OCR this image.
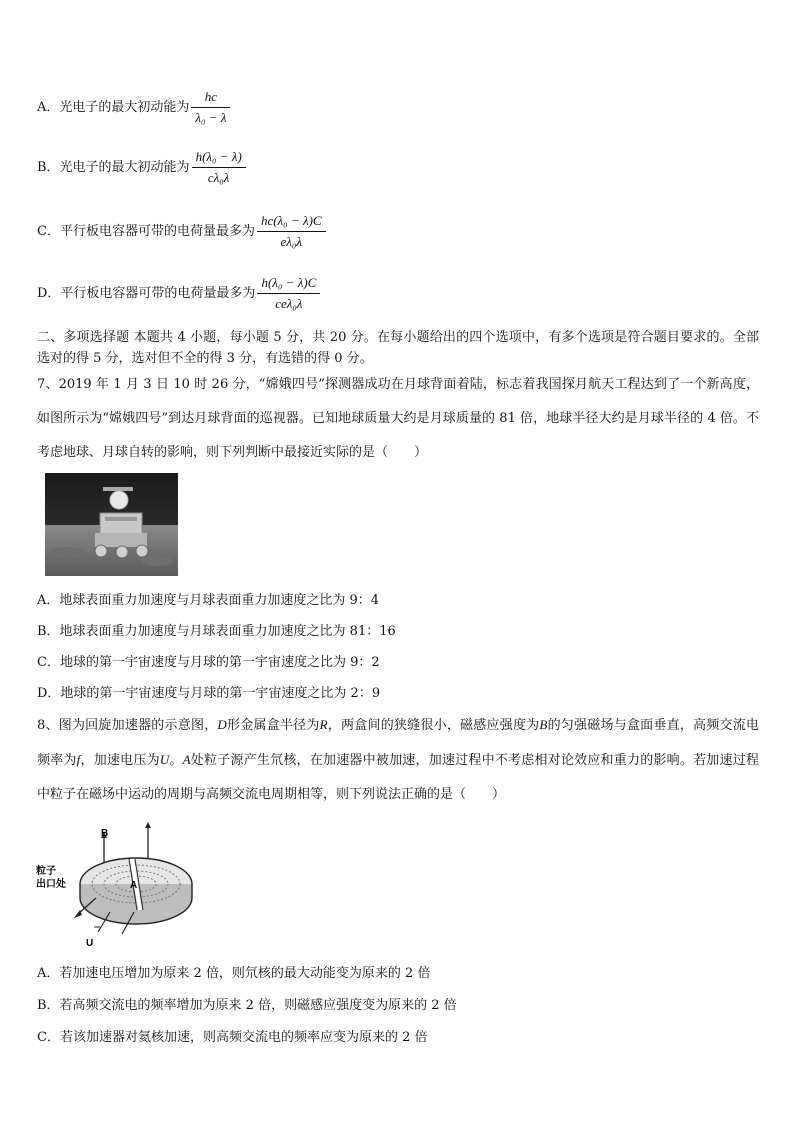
A．光电子的最大初动能为 $\frac{hc}{\text{λ₀ − λ}}$
B．光电子的最大初动能为 $\frac{\text{h(λ₀ − λ)}}{\text{cλ₀λ}}$
C．平行板电容器可带的电荷量最多为 $\frac{\text{hc(λ₀ − λ)C}}{\text{eλ₀λ}}$
D．平行板电容器可带的电荷量最多为 $\frac{\text{h(λ₀ − λ)C}}{\text{ceλ₀λ}}$
二、多项选择题 本题共 4 小题，每小题 5 分，共 20 分。在每小题给出的四个选项中，有多个选项是符合题目要求的。全部选对的得 5 分，选对但不全的得 3 分，有选错的得 0 分。
7、2019 年 1 月 3 日 10 时 26 分，“嫦娥四号”探测器成功在月球背面着陆，标志着我国探月航天工程达到了一个新高度，如图所示为“嫦娥四号”到达月球背面的巡视器。已知地球质量大约是月球质量的 81 倍，地球半径大约是月球半径的 4 倍。不考虑地球、月球自转的影响，则下列判断中最接近实际的是（　　）
A．地球表面重力加速度与月球表面重力加速度之比为 9：4
B．地球表面重力加速度与月球表面重力加速度之比为 81：16
C．地球的第一宇宙速度与月球的第一宇宙速度之比为 9：2
D．地球的第一宇宙速度与月球的第一宇宙速度之比为 2：9
8、图为回旋加速器的示意图，D形金属盒半径为R，两盒间的狭缝很小，磁感应强度为B的匀强磁场与盒面垂直，高频交流电频率为f，加速电压为U。A处粒子源产生氘核，在加速器中被加速，加速过程中不考虑相对论效应和重力的影响。若加速过程中粒子在磁场中运动的周期与高频交流电周期相等，则下列说法正确的是（　　）
B
A
U
粒子
出口处
A．若加速电压增加为原来 2 倍，则氘核的最大动能变为原来的 2 倍
B．若高频交流电的频率增加为原来 2 倍，则磁感应强度变为原来的 2 倍
C．若该加速器对氦核加速，则高频交流电的频率应变为原来的 2 倍
